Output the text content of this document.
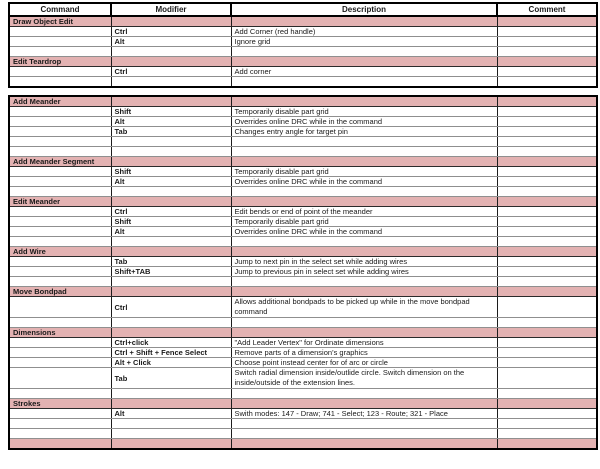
Command	Modifier	Description	Comment
Draw Object Edit			
	Ctrl	Add Corner (red handle)	
	Alt	Ignore grid	

Edit Teardrop			
	Ctrl	Add corner	

Add Meander			
	Shift	Temporarily disable part grid	
	Alt	Overrides online DRC while in the command	
	Tab	Changes entry angle for target pin	

Add Meander Segment			
	Shift	Temporarily disable part grid	
	Alt	Overrides online DRC while in the command	

Edit Meander			
	Ctrl	Edit bends or end of point of the meander	
	Shift	Temporarily disable part grid	
	Alt	Overrides online DRC while in the command	

Add Wire			
	Tab	Jump to next pin in the select set while adding wires	
	Shift+TAB	Jump to previous pin in select set while adding wires	

Move Bondpad			
	Ctrl	Allows additional bondpads to be picked up while in the move bondpad command	

Dimensions			
	Ctrl+click	"Add Leader Vertex" for Ordinate dimensions	
	Ctrl + Shift + Fence Select	Remove parts of a dimension’s graphics	
	Alt + Click	Choose point instead center for of arc or circle	
	Tab	Switch radial dimension inside/outlide circle. Switch dimension on the inside/outside of the extension lines.	

Strokes			
	Alt	Swith modes: 147 - Draw; 741 - Select; 123 - Route; 321 - Place	
